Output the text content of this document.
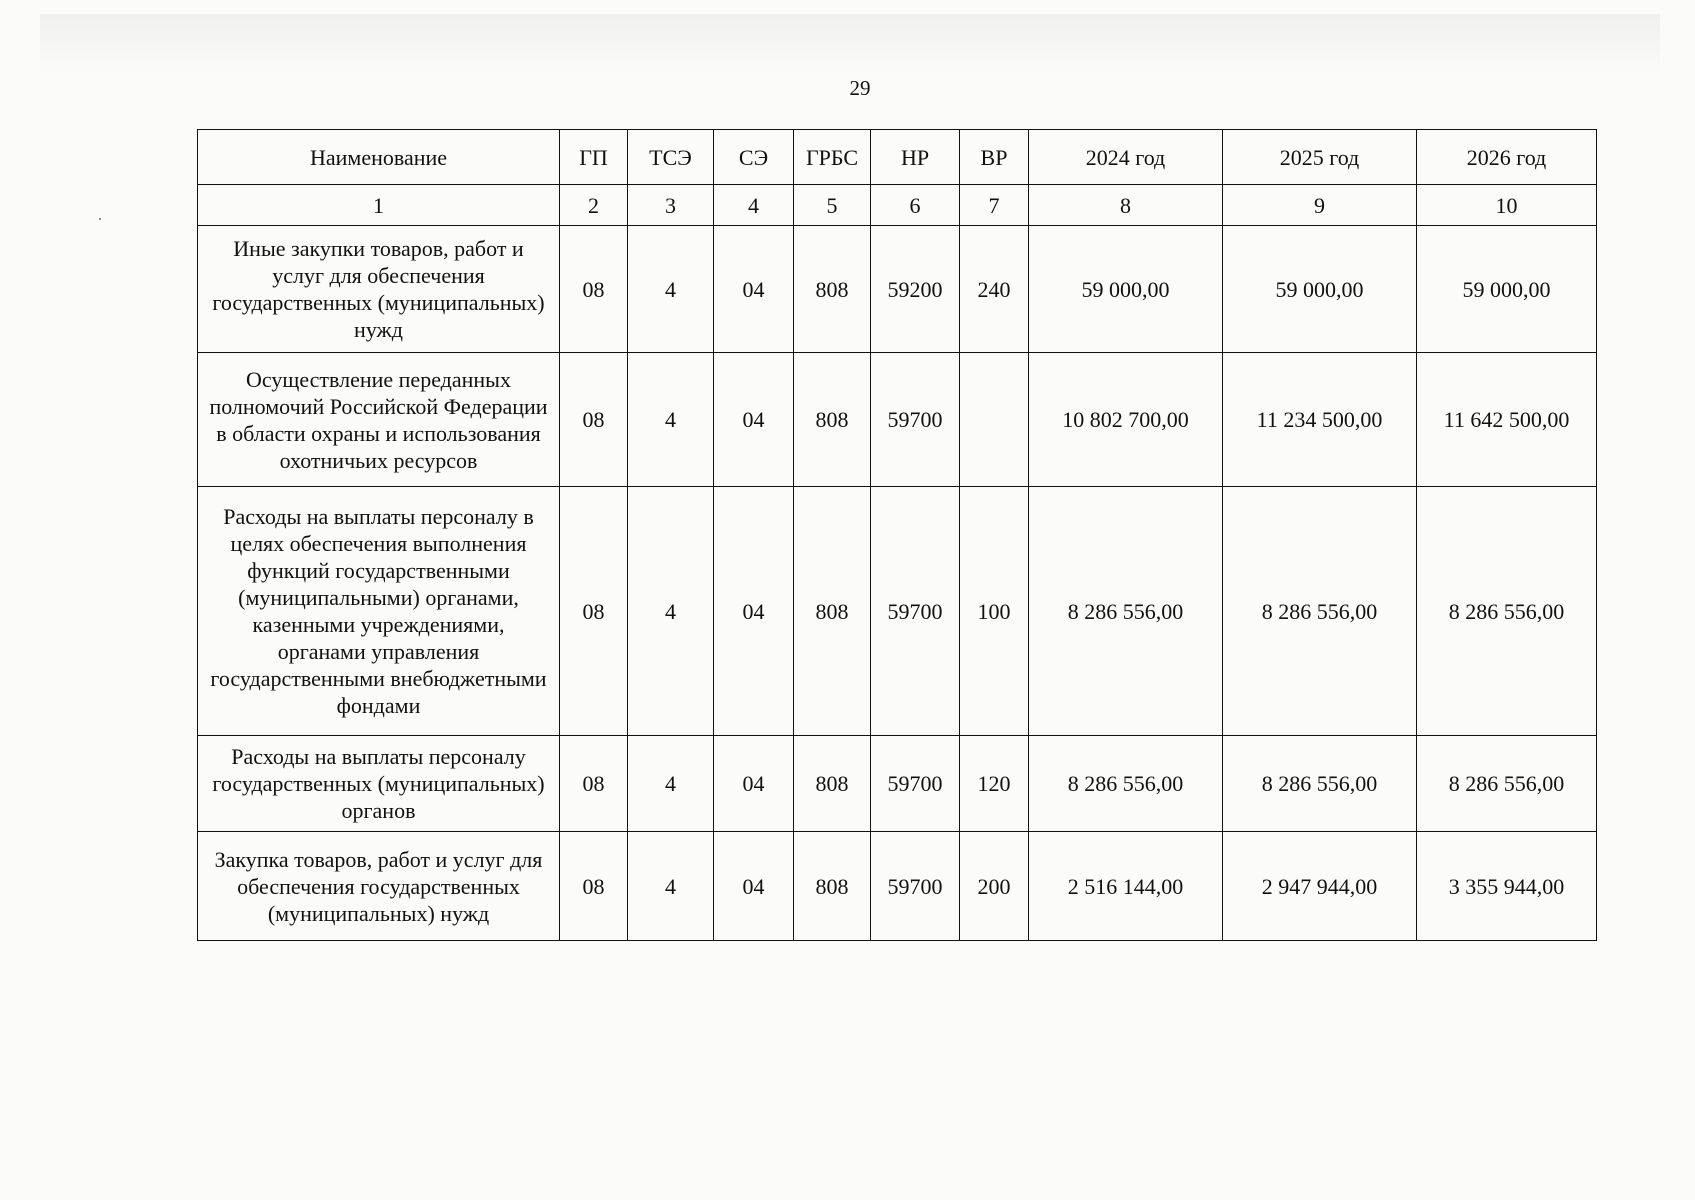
29
Наименование	ГП	ТСЭ	СЭ	ГРБС	НР	ВР	2024 год	2025 год	2026 год
1	2	3	4	5	6	7	8	9	10
Иные закупки товаров, работ и услуг для обеспечения государственных (муниципальных) нужд	08	4	04	808	59200	240	59 000,00	59 000,00	59 000,00
Осуществление переданных полномочий Российской Федерации в области охраны и использования охотничьих ресурсов	08	4	04	808	59700		10 802 700,00	11 234 500,00	11 642 500,00
Расходы на выплаты персоналу в целях обеспечения выполнения функций государственными (муниципальными) органами, казенными учреждениями, органами управления государственными внебюджетными фондами	08	4	04	808	59700	100	8 286 556,00	8 286 556,00	8 286 556,00
Расходы на выплаты персоналу государственных (муниципальных) органов	08	4	04	808	59700	120	8 286 556,00	8 286 556,00	8 286 556,00
Закупка товаров, работ и услуг для обеспечения государственных (муниципальных) нужд	08	4	04	808	59700	200	2 516 144,00	2 947 944,00	3 355 944,00
